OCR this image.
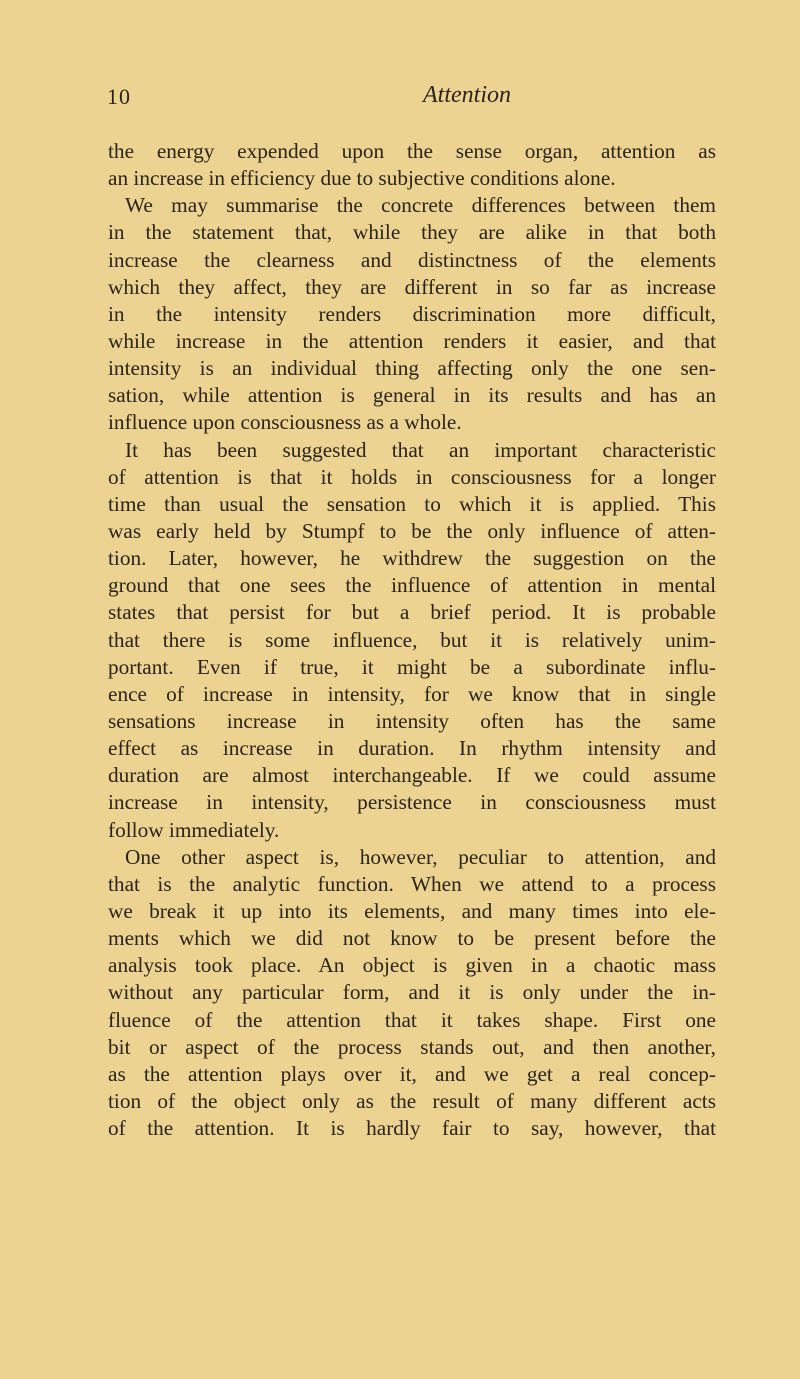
10	Attention
the energy expended upon the sense organ, attention as
an increase in efficiency due to subjective conditions alone.
We may summarise the concrete differences between them
in the statement that, while they are alike in that both
increase the clearness and distinctness of the elements
which they affect, they are different in so far as increase
in the intensity renders discrimination more difficult,
while increase in the attention renders it easier, and that
intensity is an individual thing affecting only the one sen-
sation, while attention is general in its results and has an
influence upon consciousness as a whole.
It has been suggested that an important characteristic
of attention is that it holds in consciousness for a longer
time than usual the sensation to which it is applied. This
was early held by Stumpf to be the only influence of atten-
tion. Later, however, he withdrew the suggestion on the
ground that one sees the influence of attention in mental
states that persist for but a brief period. It is probable
that there is some influence, but it is relatively unim-
portant. Even if true, it might be a subordinate influ-
ence of increase in intensity, for we know that in single
sensations increase in intensity often has the same
effect as increase in duration. In rhythm intensity and
duration are almost interchangeable. If we could assume
increase in intensity, persistence in consciousness must
follow immediately.
One other aspect is, however, peculiar to attention, and
that is the analytic function. When we attend to a process
we break it up into its elements, and many times into ele-
ments which we did not know to be present before the
analysis took place. An object is given in a chaotic mass
without any particular form, and it is only under the in-
fluence of the attention that it takes shape. First one
bit or aspect of the process stands out, and then another,
as the attention plays over it, and we get a real concep-
tion of the object only as the result of many different acts
of the attention. It is hardly fair to say, however, that
